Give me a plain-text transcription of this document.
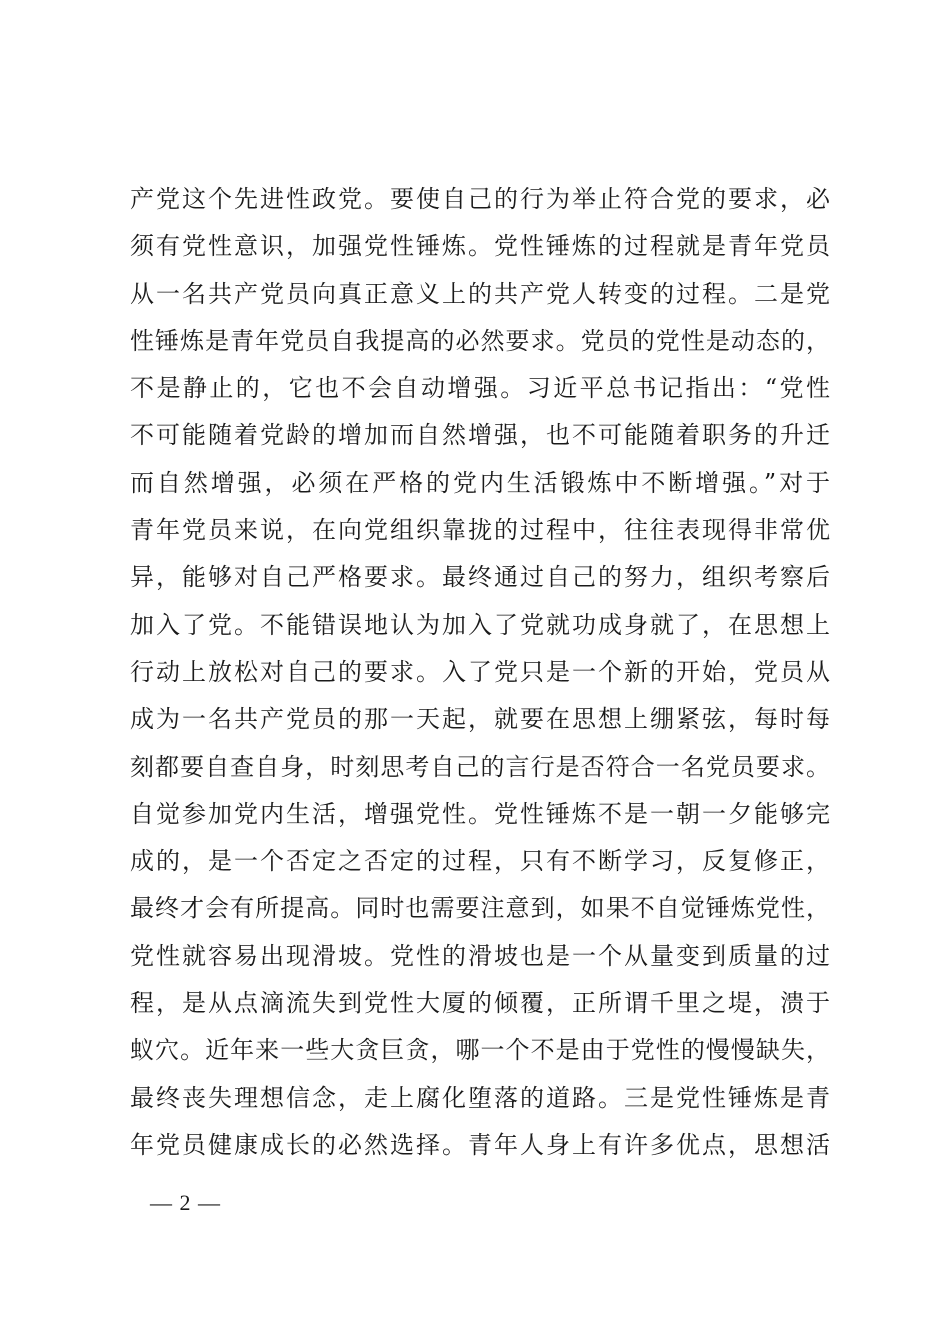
产党这个先进性政党。要使自己的行为举止符合党的要求，必
须有党性意识，加强党性锤炼。党性锤炼的过程就是青年党员
从一名共产党员向真正意义上的共产党人转变的过程。二是党
性锤炼是青年党员自我提高的必然要求。党员的党性是动态的，
不是静止的，它也不会自动增强。习近平总书记指出：“党性
不可能随着党龄的增加而自然增强，也不可能随着职务的升迁
而自然增强，必须在严格的党内生活锻炼中不断增强。”对于
青年党员来说，在向党组织靠拢的过程中，往往表现得非常优
异，能够对自己严格要求。最终通过自己的努力，组织考察后
加入了党。不能错误地认为加入了党就功成身就了，在思想上
行动上放松对自己的要求。入了党只是一个新的开始，党员从
成为一名共产党员的那一天起，就要在思想上绷紧弦，每时每
刻都要自查自身，时刻思考自己的言行是否符合一名党员要求。
自觉参加党内生活，增强党性。党性锤炼不是一朝一夕能够完
成的，是一个否定之否定的过程，只有不断学习，反复修正，
最终才会有所提高。同时也需要注意到，如果不自觉锤炼党性，
党性就容易出现滑坡。党性的滑坡也是一个从量变到质量的过
程，是从点滴流失到党性大厦的倾覆，正所谓千里之堤，溃于
蚁穴。近年来一些大贪巨贪，哪一个不是由于党性的慢慢缺失，
最终丧失理想信念，走上腐化堕落的道路。三是党性锤炼是青
年党员健康成长的必然选择。青年人身上有许多优点，思想活
— 2 —
